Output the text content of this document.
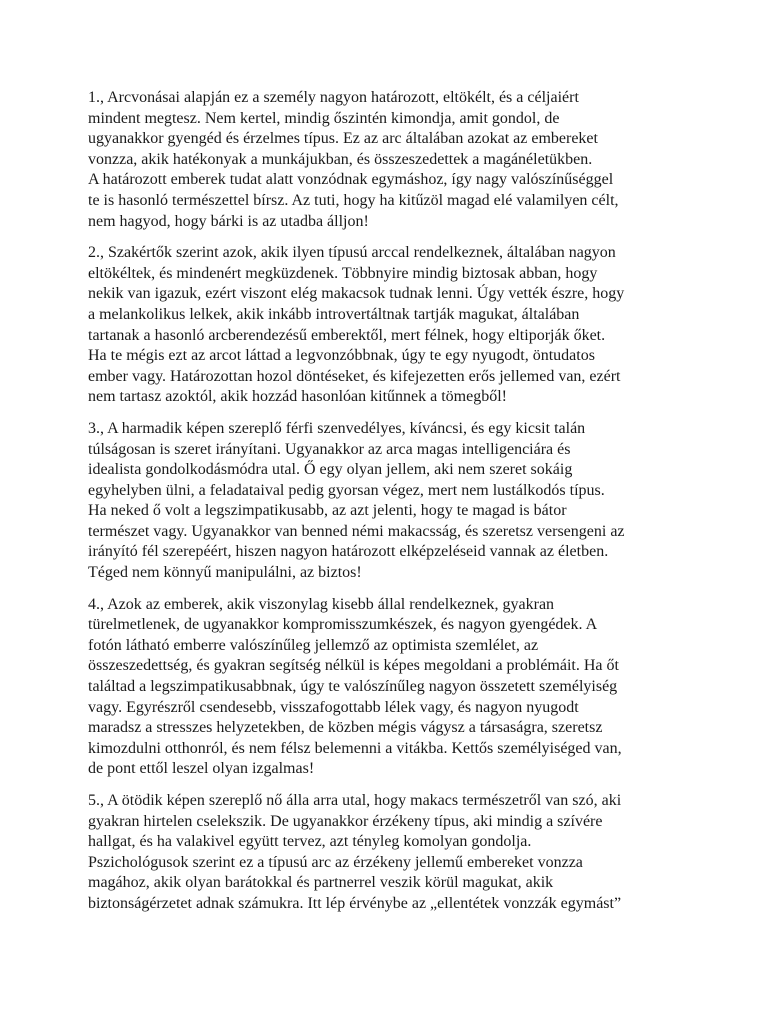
1., Arcvonásai alapján ez a személy nagyon határozott, eltökélt, és a céljaiért
mindent megtesz. Nem kertel, mindig őszintén kimondja, amit gondol, de
ugyanakkor gyengéd és érzelmes típus. Ez az arc általában azokat az embereket
vonzza, akik hatékonyak a munkájukban, és összeszedettek a magánéletükben.
A határozott emberek tudat alatt vonzódnak egymáshoz, így nagy valószínűséggel
te is hasonló természettel bírsz. Az tuti, hogy ha kitűzöl magad elé valamilyen célt,
nem hagyod, hogy bárki is az utadba álljon!

2., Szakértők szerint azok, akik ilyen típusú arccal rendelkeznek, általában nagyon
eltökéltek, és mindenért megküzdenek. Többnyire mindig biztosak abban, hogy
nekik van igazuk, ezért viszont elég makacsok tudnak lenni. Úgy vették észre, hogy
a melankolikus lelkek, akik inkább introvertáltnak tartják magukat, általában
tartanak a hasonló arcberendezésű emberektől, mert félnek, hogy eltiporják őket.
Ha te mégis ezt az arcot láttad a legvonzóbbnak, úgy te egy nyugodt, öntudatos
ember vagy. Határozottan hozol döntéseket, és kifejezetten erős jellemed van, ezért
nem tartasz azoktól, akik hozzád hasonlóan kitűnnek a tömegből!

3., A harmadik képen szereplő férfi szenvedélyes, kíváncsi, és egy kicsit talán
túlságosan is szeret irányítani. Ugyanakkor az arca magas intelligenciára és
idealista gondolkodásmódra utal. Ő egy olyan jellem, aki nem szeret sokáig
egyhelyben ülni, a feladataival pedig gyorsan végez, mert nem lustálkodós típus.
Ha neked ő volt a legszimpatikusabb, az azt jelenti, hogy te magad is bátor
természet vagy. Ugyanakkor van benned némi makacsság, és szeretsz versengeni az
irányító fél szerepéért, hiszen nagyon határozott elképzeléseid vannak az életben.
Téged nem könnyű manipulálni, az biztos!

4., Azok az emberek, akik viszonylag kisebb állal rendelkeznek, gyakran
türelmetlenek, de ugyanakkor kompromisszumkészek, és nagyon gyengédek. A
fotón látható emberre valószínűleg jellemző az optimista szemlélet, az
összeszedettség, és gyakran segítség nélkül is képes megoldani a problémáit. Ha őt
találtad a legszimpatikusabbnak, úgy te valószínűleg nagyon összetett személyiség
vagy. Egyrészről csendesebb, visszafogottabb lélek vagy, és nagyon nyugodt
maradsz a stresszes helyzetekben, de közben mégis vágysz a társaságra, szeretsz
kimozdulni otthonról, és nem félsz belemenni a vitákba. Kettős személyiséged van,
de pont ettől leszel olyan izgalmas!

5., A ötödik képen szereplő nő álla arra utal, hogy makacs természetről van szó, aki
gyakran hirtelen cselekszik. De ugyanakkor érzékeny típus, aki mindig a szívére
hallgat, és ha valakivel együtt tervez, azt tényleg komolyan gondolja.
Pszichológusok szerint ez a típusú arc az érzékeny jellemű embereket vonzza
magához, akik olyan barátokkal és partnerrel veszik körül magukat, akik
biztonságérzetet adnak számukra. Itt lép érvénybe az „ellentétek vonzzák egymást”
